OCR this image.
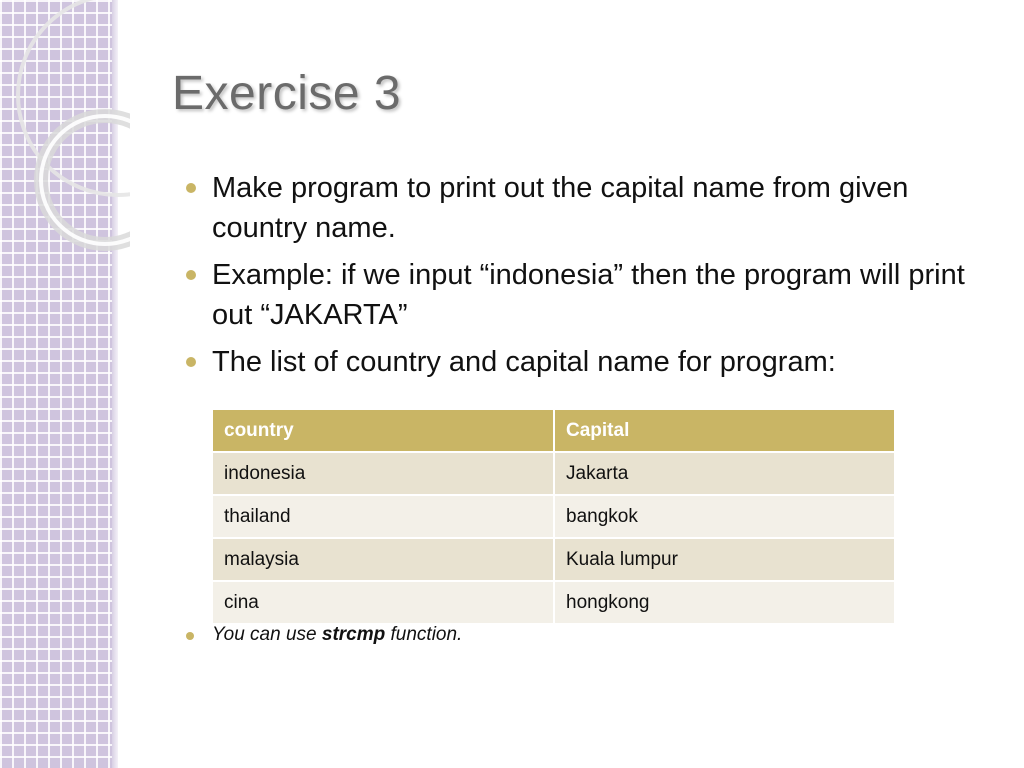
Exercise 3
Make program to print out the capital name from given country name.
Example: if we input “indonesia” then the program will print out “JAKARTA”
The list of country and capital name for program:
country	Capital
indonesia	Jakarta
thailand	bangkok
malaysia	Kuala lumpur
cina	hongkong
You can use strcmp function.
